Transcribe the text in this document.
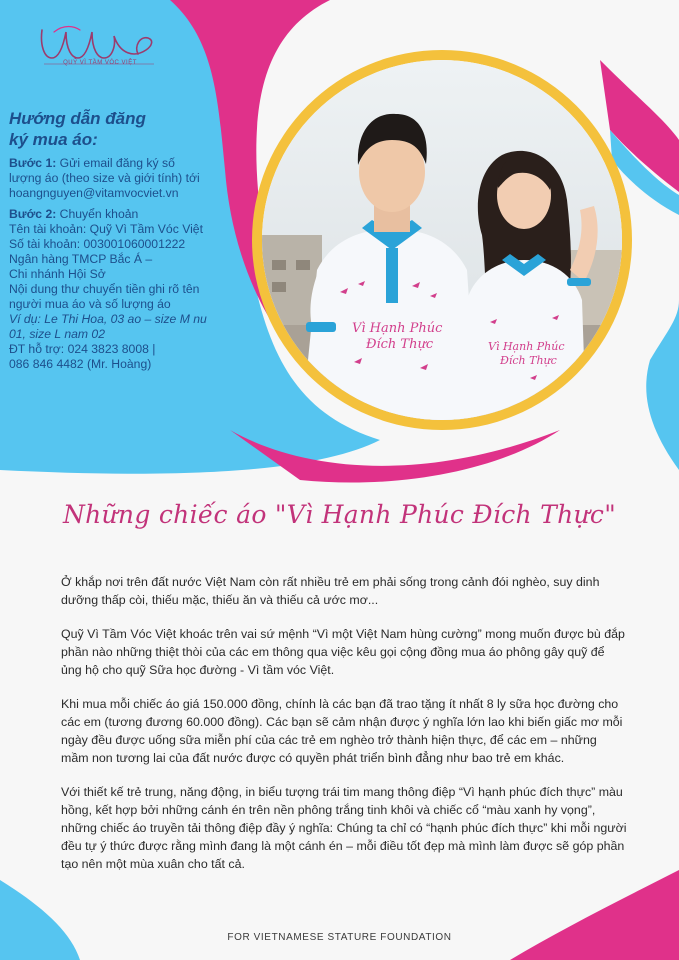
QUỸ VÌ TẦM VÓC VIỆT
Hướng dẫn đăng
ký mua áo:
Bước 1: Gửi email đăng ký số
lượng áo (theo size và giới tính) tới
hoangnguyen@vitamvocviet.vn
Bước 2: Chuyển khoản
Tên tài khoản: Quỹ Vì Tầm Vóc Việt
Số tài khoản: 003001060001222
Ngân hàng TMCP Bắc Á –
Chi nhánh Hội Sở
Nội dung thư chuyển tiền ghi rõ tên
người mua áo và số lượng áo
Ví dụ: Le Thi Hoa, 03 ao – size M nu
01, size L nam 02
ĐT hỗ trợ: 024 3823 8008 |
086 846 4482 (Mr. Hoàng)
Vì Hạnh Phúc
Đích Thực	Vì Hạnh Phúc
Đích Thực
Những chiếc áo "Vì Hạnh Phúc Đích Thực"

Ở khắp nơi trên đất nước Việt Nam còn rất nhiều trẻ em phải sống trong cảnh đói nghèo, suy dinh dưỡng thấp còi, thiếu mặc, thiếu ăn và thiếu cả ước mơ...

Quỹ Vì Tầm Vóc Việt khoác trên vai sứ mệnh “Vì một Việt Nam hùng cường” mong muốn được bù đắp phần nào những thiệt thòi của các em thông qua việc kêu gọi cộng đồng mua áo phông gây quỹ để ủng hộ cho quỹ Sữa học đường - Vì tầm vóc Việt.

Khi mua mỗi chiếc áo giá 150.000 đồng, chính là các bạn đã trao tặng ít nhất 8 ly sữa học đường cho các em (tương đương 60.000 đồng). Các bạn sẽ cảm nhận được ý nghĩa lớn lao khi biến giấc mơ mỗi ngày đều được uống sữa miễn phí của các trẻ em nghèo trở thành hiện thực, để các em – những mầm non tương lai của đất nước được có quyền phát triển bình đẳng như bao trẻ em khác.

Với thiết kế trẻ trung, năng động, in biểu tượng trái tim mang thông điệp “Vì hạnh phúc đích thực” màu hồng, kết hợp bởi những cánh én trên nền phông trắng tinh khôi và chiếc cổ “màu xanh hy vọng”, những chiếc áo truyền tải thông điệp đầy ý nghĩa: Chúng ta chỉ có “hạnh phúc đích thực” khi mỗi người đều tự ý thức được rằng mình đang là một cánh én – mỗi điều tốt đẹp mà mình làm được sẽ góp phần tạo nên một mùa xuân cho tất cả.

FOR VIETNAMESE STATURE FOUNDATION
